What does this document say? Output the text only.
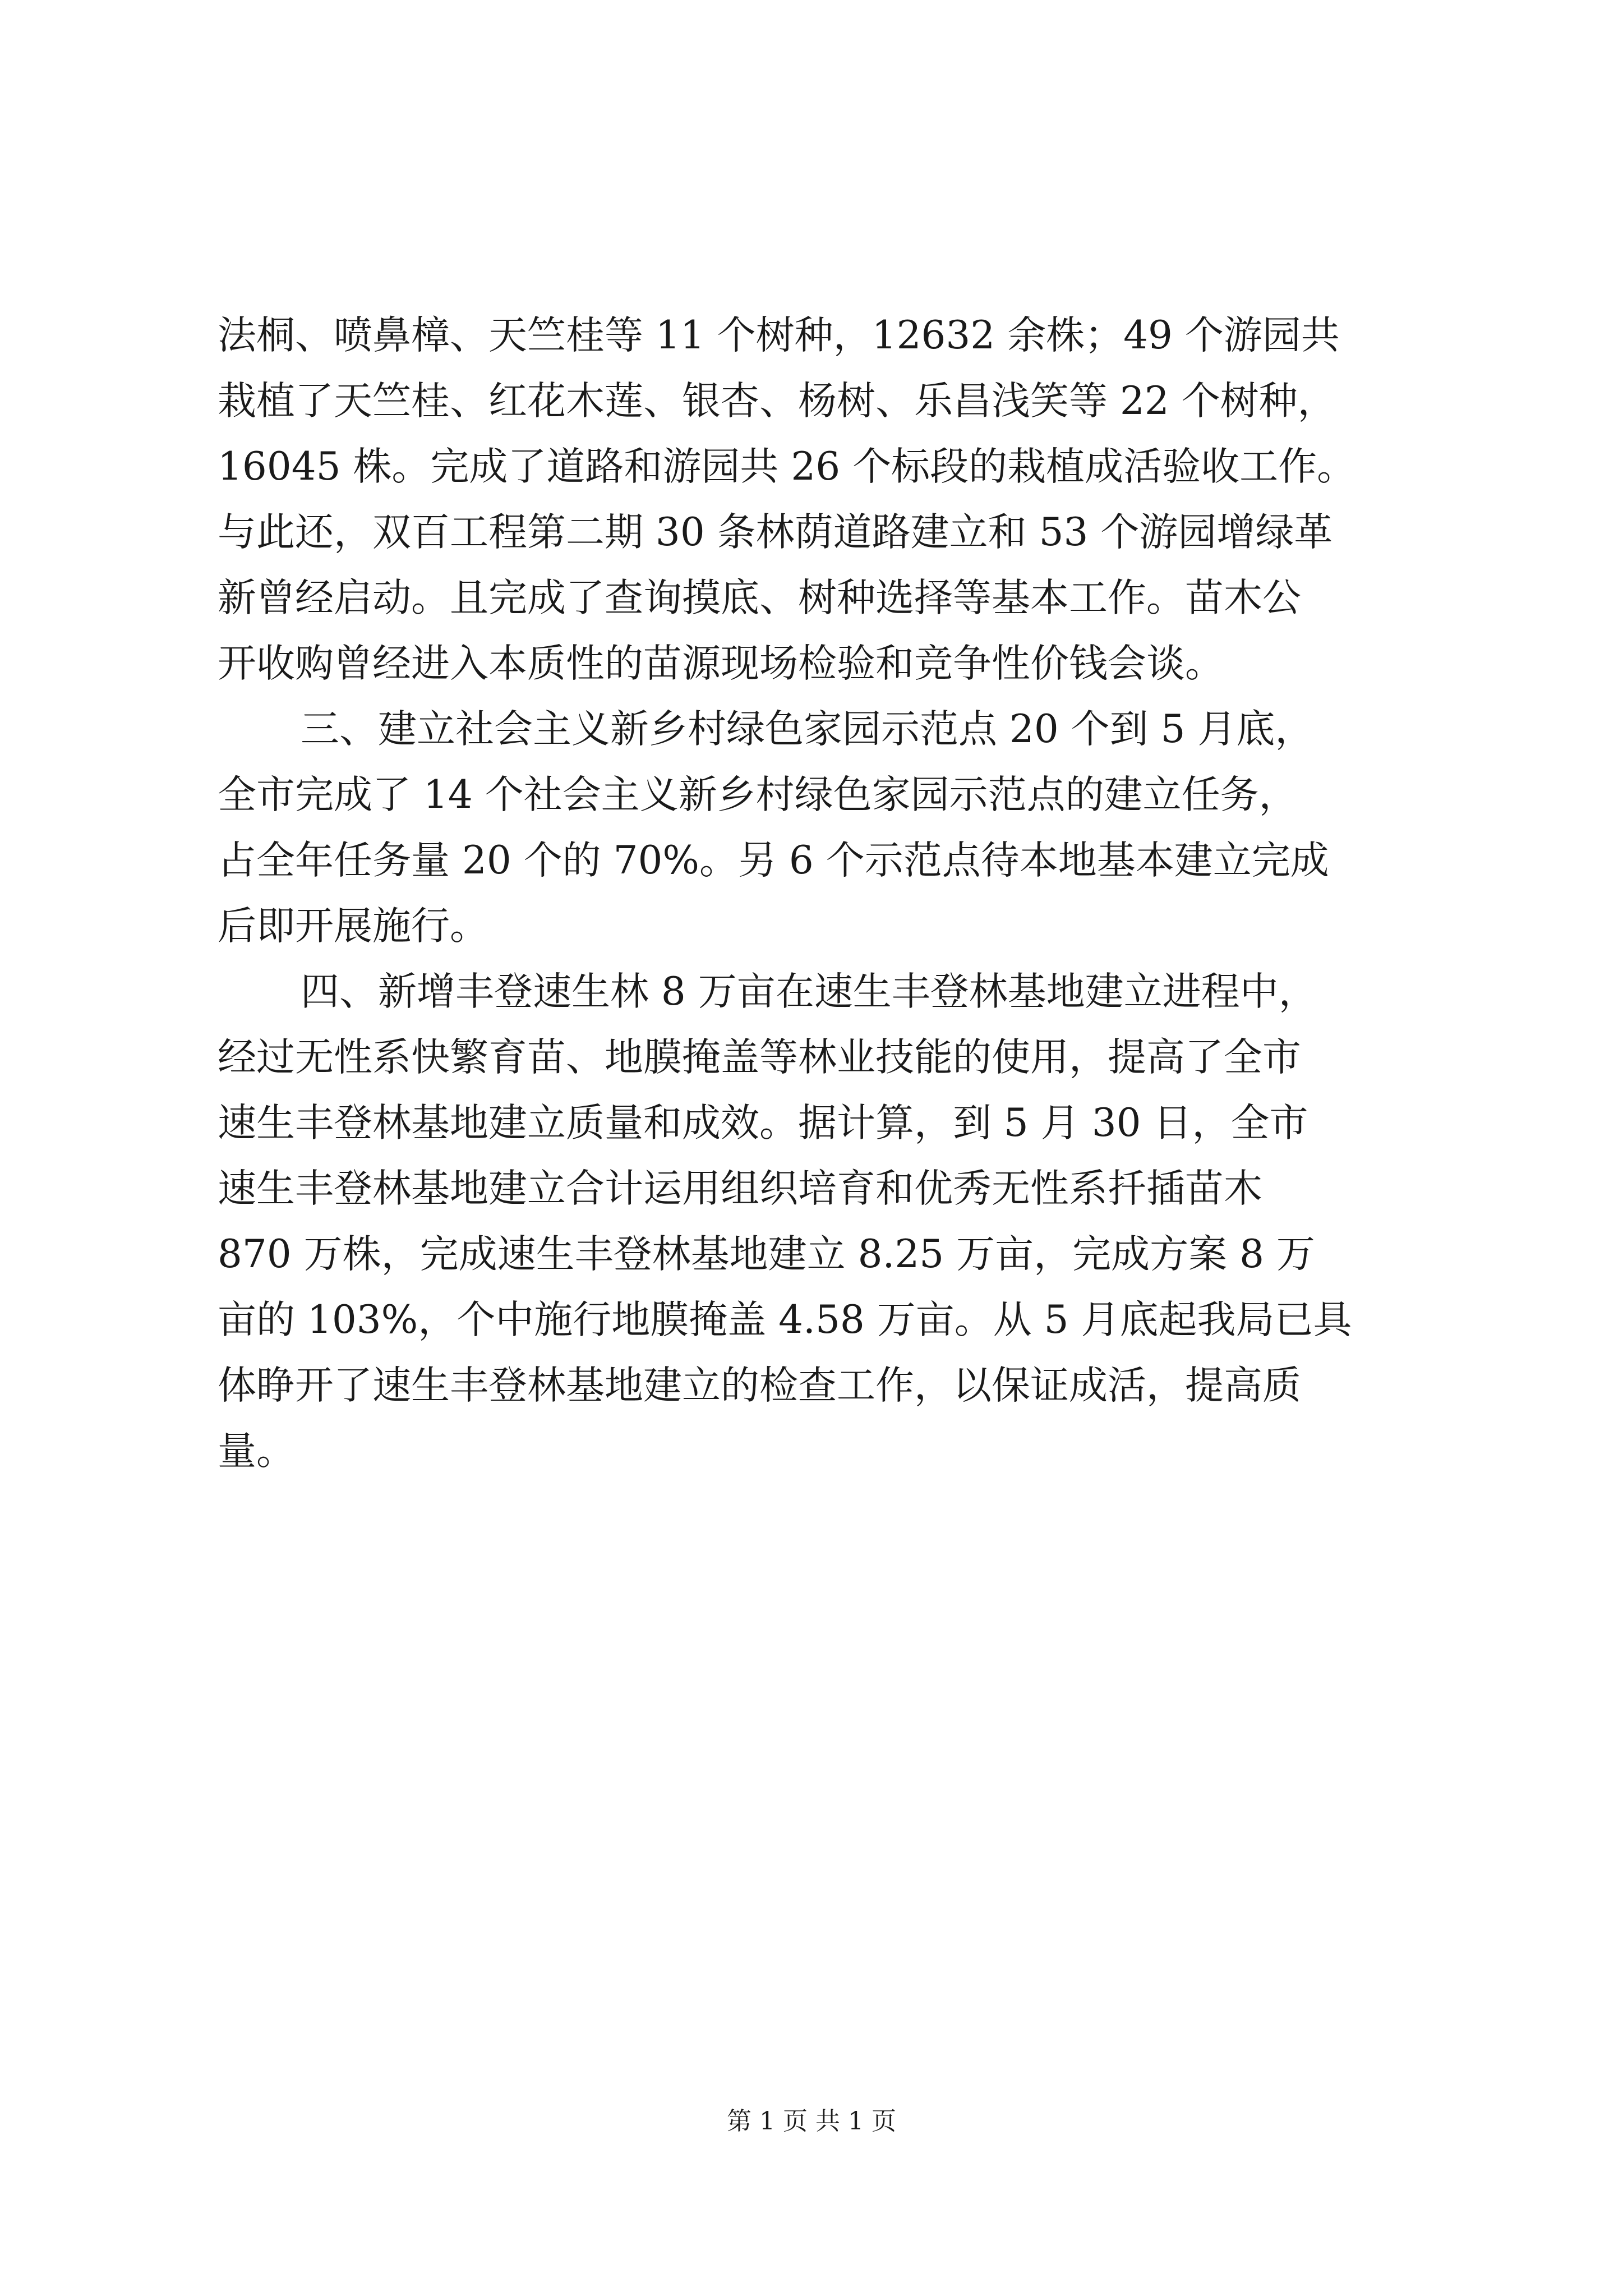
法桐、喷鼻樟、天竺桂等 11 个树种，12632 余株；49 个游园共
栽植了天竺桂、红花木莲、银杏、杨树、乐昌浅笑等 22 个树种，
16045 株。完成了道路和游园共 26 个标段的栽植成活验收工作。
与此还，双百工程第二期 30 条林荫道路建立和 53 个游园增绿革
新曾经启动。且完成了查询摸底、树种选择等基本工作。苗木公
开收购曾经进入本质性的苗源现场检验和竞争性价钱会谈。
三、建立社会主义新乡村绿色家园示范点 20 个到 5 月底，
全市完成了 14 个社会主义新乡村绿色家园示范点的建立任务，
占全年任务量 20 个的 70%。另 6 个示范点待本地基本建立完成
后即开展施行。
四、新增丰登速生林 8 万亩在速生丰登林基地建立进程中，
经过无性系快繁育苗、地膜掩盖等林业技能的使用，提高了全市
速生丰登林基地建立质量和成效。据计算，到 5 月 30 日，全市
速生丰登林基地建立合计运用组织培育和优秀无性系扦插苗木
870 万株，完成速生丰登林基地建立 8.25 万亩，完成方案 8 万
亩的 103%，个中施行地膜掩盖 4.58 万亩。从 5 月底起我局已具
体睁开了速生丰登林基地建立的检查工作，以保证成活，提高质
量。
第 1 页 共 1 页
